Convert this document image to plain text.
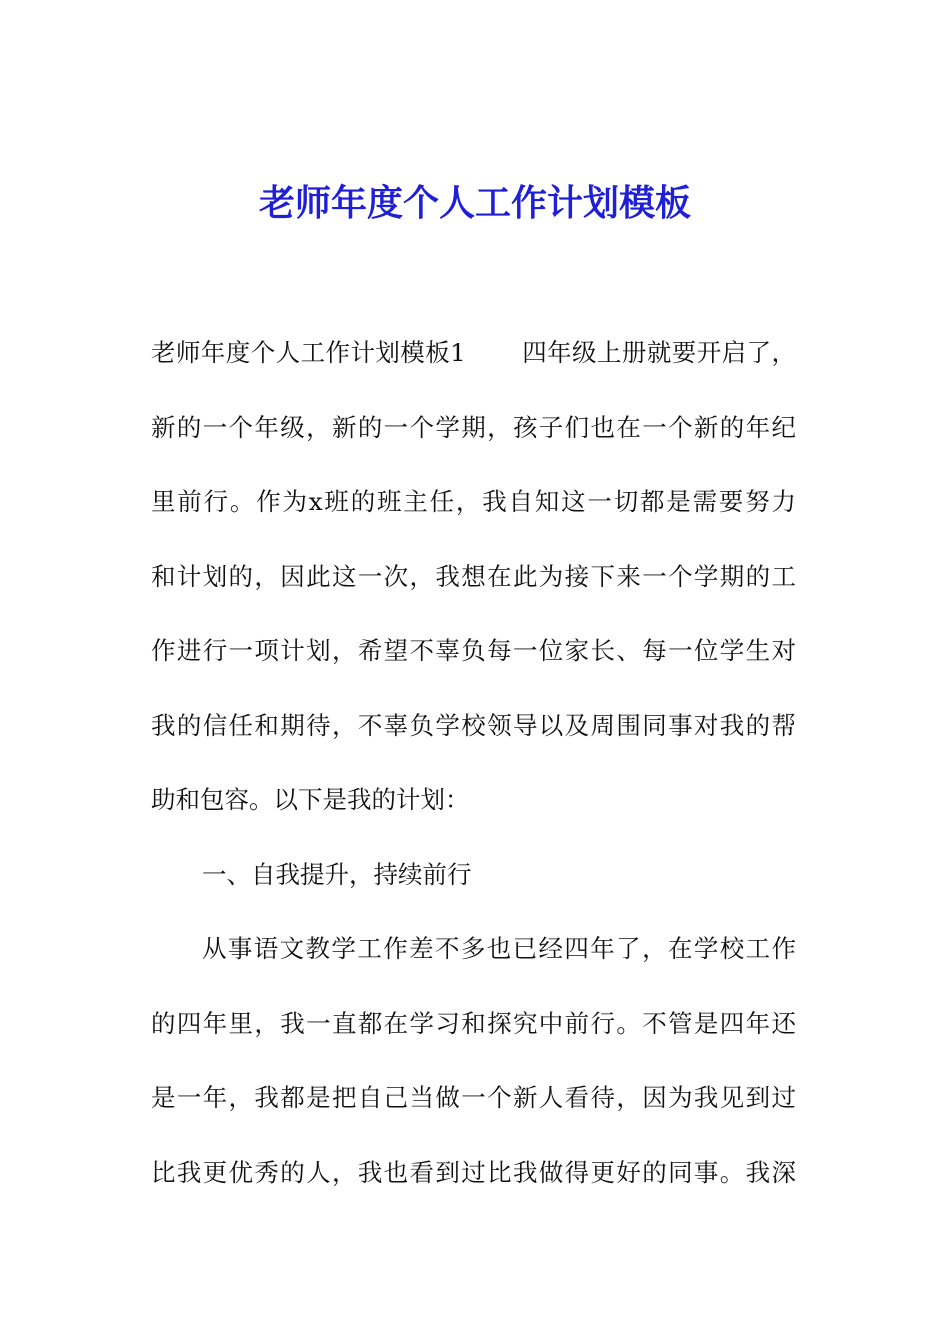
老师年度个人工作计划模板
老师年度个人工作计划模板1 四年级上册就要开启了，
新的一个年级，新的一个学期，孩子们也在一个新的年纪
里前行。作为x班的班主任，我自知这一切都是需要努力
和计划的，因此这一次，我想在此为接下来一个学期的工
作进行一项计划，希望不辜负每一位家长、每一位学生对
我的信任和期待，不辜负学校领导以及周围同事对我的帮
助和包容。以下是我的计划：
一、自我提升，持续前行
从事语文教学工作差不多也已经四年了，在学校工作
的四年里，我一直都在学习和探究中前行。不管是四年还
是一年，我都是把自己当做一个新人看待，因为我见到过
比我更优秀的人，我也看到过比我做得更好的同事。我深
